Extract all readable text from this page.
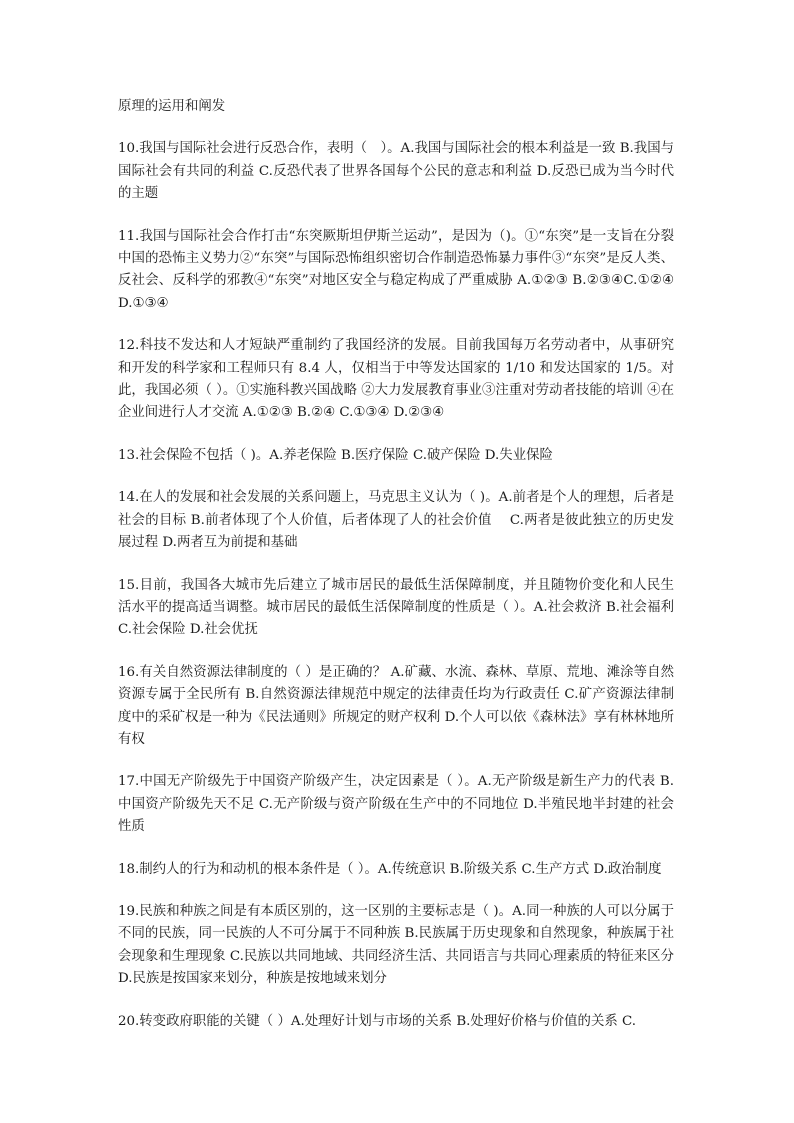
原理的运用和阐发

10.我国与国际社会进行反恐合作，表明（　）。A.我国与国际社会的根本利益是一致 B.我国与国际社会有共同的利益 C.反恐代表了世界各国每个公民的意志和利益 D.反恐已成为当今时代的主题

11.我国与国际社会合作打击“东突厥斯坦伊斯兰运动”，是因为（)。①“东突”是一支旨在分裂中国的恐怖主义势力②“东突”与国际恐怖组织密切合作制造恐怖暴力事件③“东突”是反人类、反社会、反科学的邪教④“东突”对地区安全与稳定构成了严重威胁 A.①②③ B.②③④C.①②④ D.①③④

12.科技不发达和人才短缺严重制约了我国经济的发展。目前我国每万名劳动者中，从事研究和开发的科学家和工程师只有 8.4 人，仅相当于中等发达国家的 1/10 和发达国家的 1/5。对此，我国必须（ ）。①实施科教兴国战略 ②大力发展教育事业③注重对劳动者技能的培训 ④在企业间进行人才交流 A.①②③ B.②④ C.①③④ D.②③④

13.社会保险不包括（ )。A.养老保险 B.医疗保险 C.破产保险 D.失业保险

14.在人的发展和社会发展的关系问题上，马克思主义认为（ )。A.前者是个人的理想，后者是社会的目标 B.前者体现了个人价值，后者体现了人的社会价值　 C.两者是彼此独立的历史发展过程 D.两者互为前提和基础

15.目前，我国各大城市先后建立了城市居民的最低生活保障制度，并且随物价变化和人民生活水平的提高适当调整。城市居民的最低生活保障制度的性质是（ ）。A.社会救济 B.社会福利 C.社会保险 D.社会优抚

16.有关自然资源法律制度的（ ）是正确的？ A.矿藏、水流、森林、草原、荒地、滩涂等自然资源专属于全民所有 B.自然资源法律规范中规定的法律责任均为行政责任 C.矿产资源法律制度中的采矿权是一种为《民法通则》所规定的财产权利 D.个人可以依《森林法》享有林林地所有权

17.中国无产阶级先于中国资产阶级产生，决定因素是（ ）。A.无产阶级是新生产力的代表 B.中国资产阶级先天不足 C.无产阶级与资产阶级在生产中的不同地位 D.半殖民地半封建的社会性质

18.制约人的行为和动机的根本条件是（ ）。A.传统意识 B.阶级关系 C.生产方式 D.政治制度

19.民族和种族之间是有本质区别的，这一区别的主要标志是（ )。A.同一种族的人可以分属于不同的民族，同一民族的人不可分属于不同种族 B.民族属于历史现象和自然现象，种族属于社会现象和生理现象 C.民族以共同地域、共同经济生活、共同语言与共同心理素质的特征来区分 D.民族是按国家来划分，种族是按地域来划分

20.转变政府职能的关键（ ）A.处理好计划与市场的关系 B.处理好价格与价值的关系 C.
